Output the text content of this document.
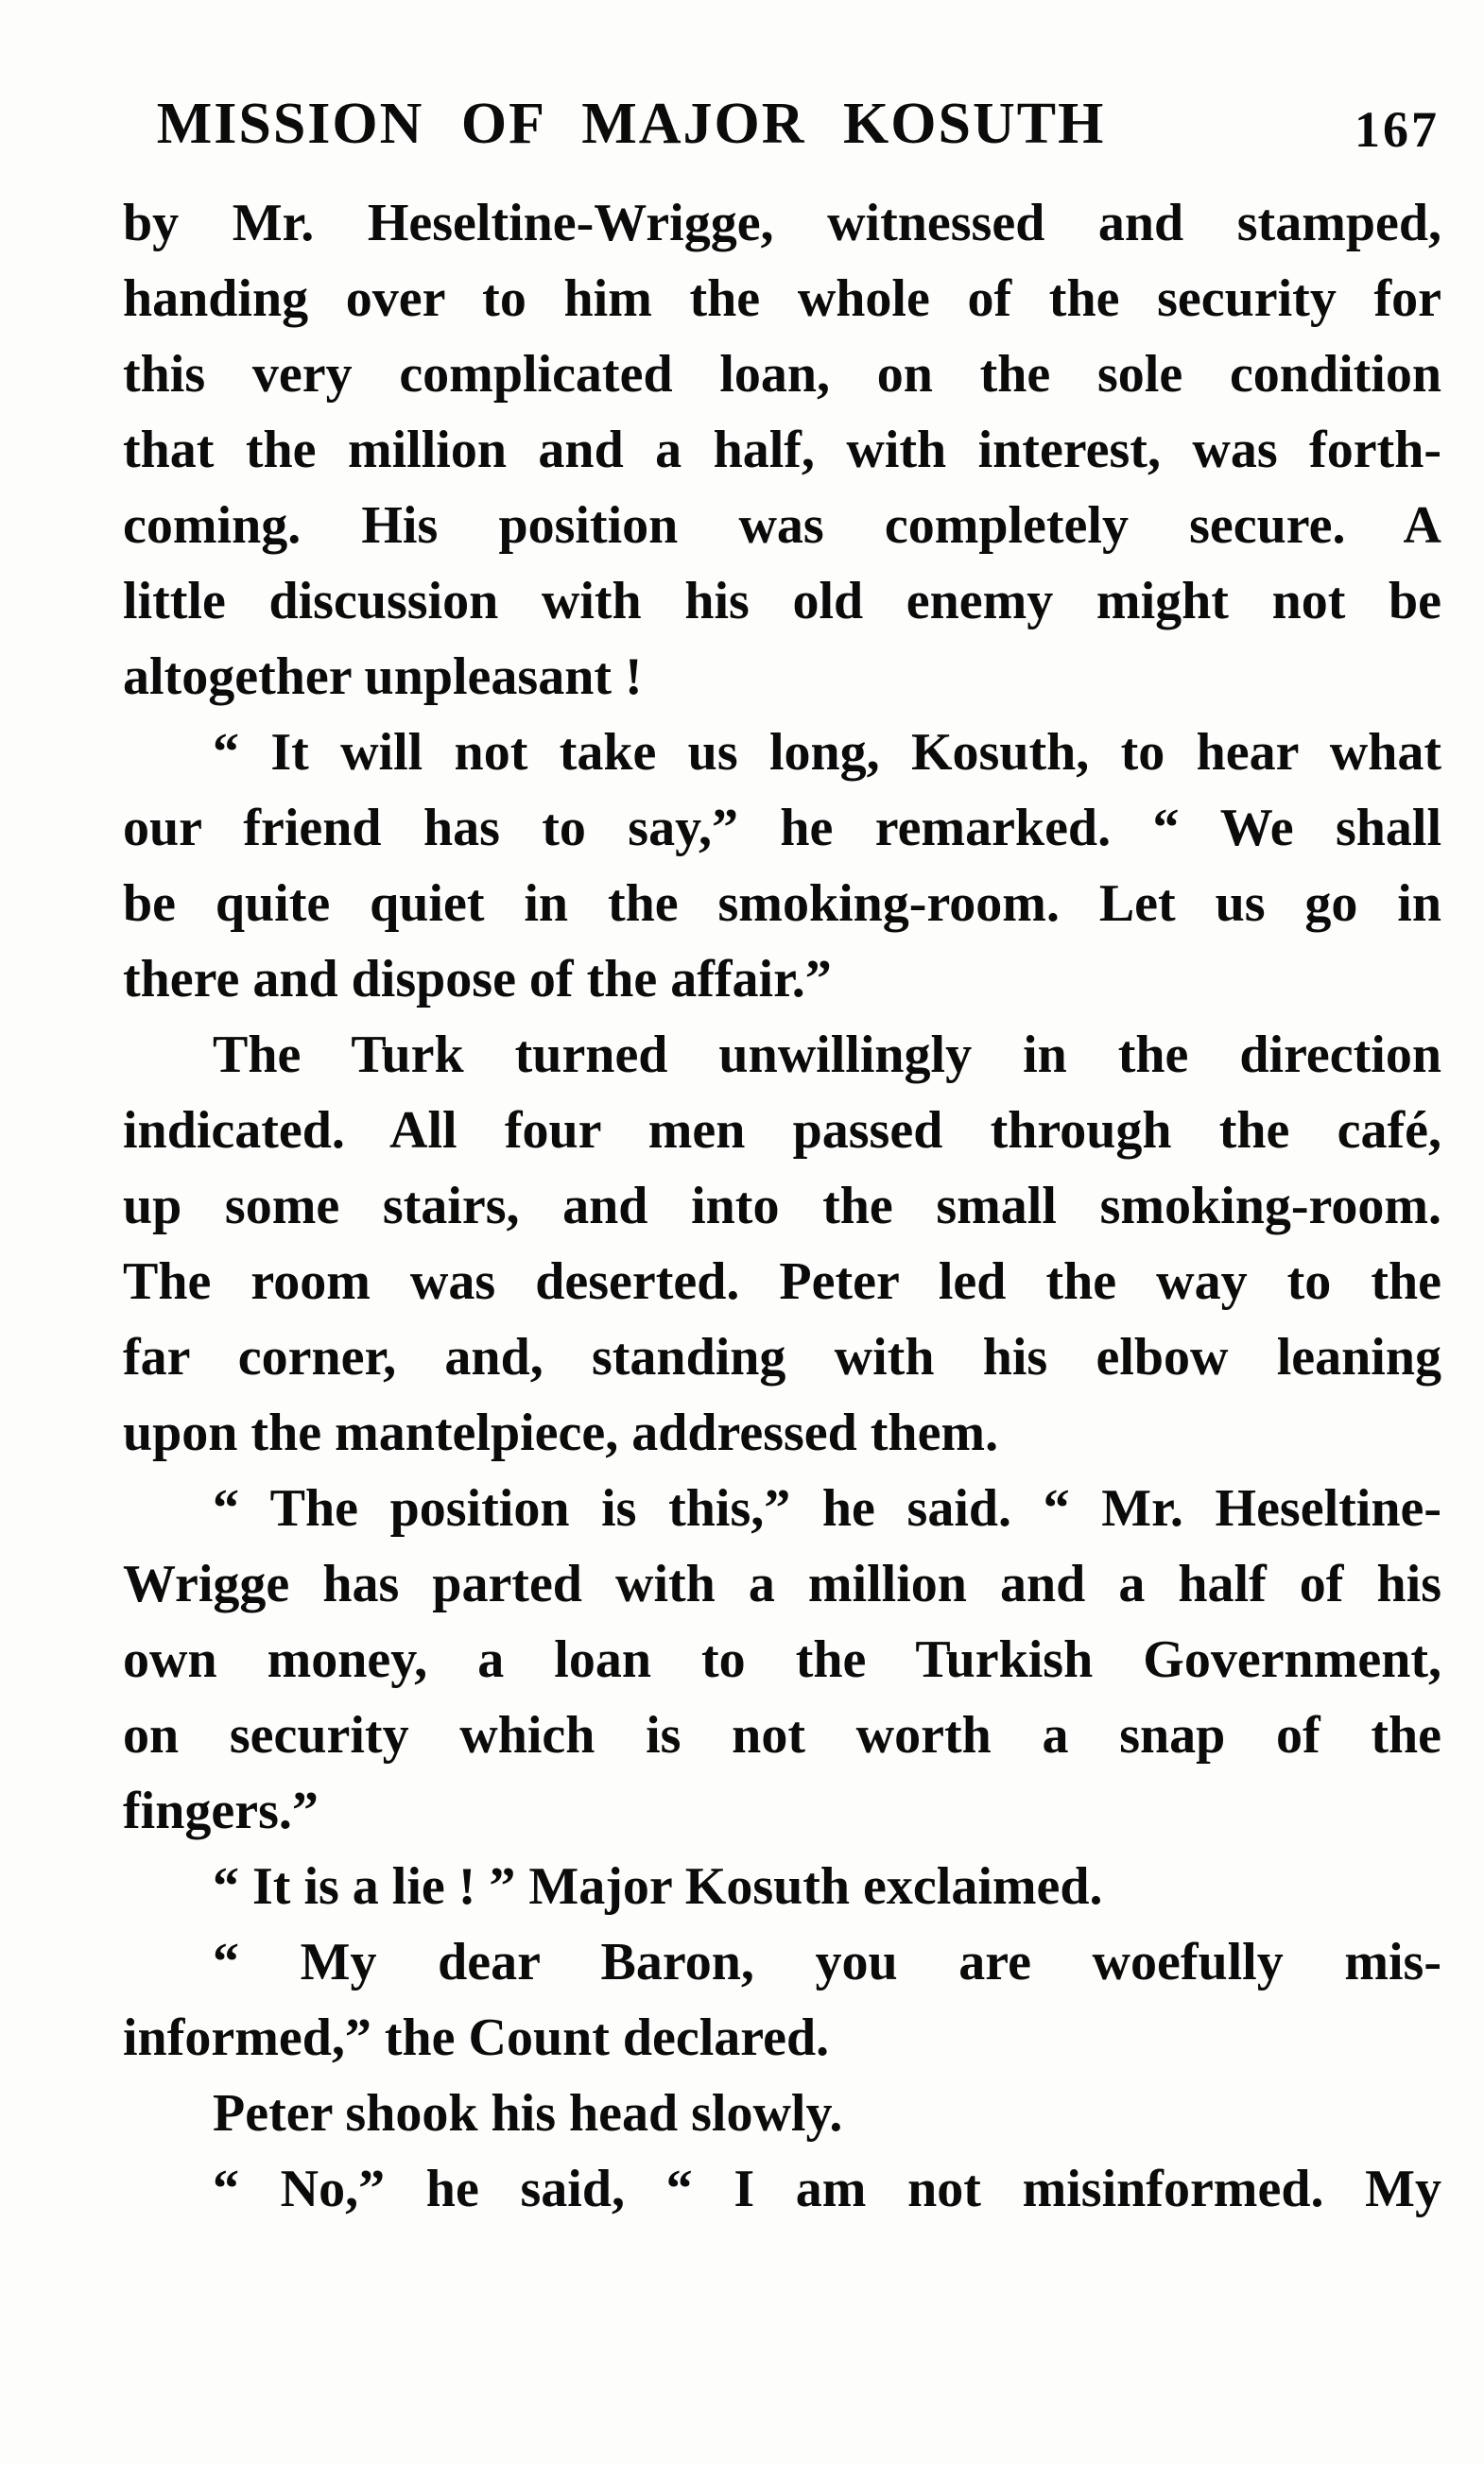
MISSION OF MAJOR KOSUTH	167
by Mr. Heseltine-Wrigge, witnessed and stamped,
handing over to him the whole of the security for
this very complicated loan, on the sole condition
that the million and a half, with interest, was forth-
coming. His position was completely secure. A
little discussion with his old enemy might not be
altogether unpleasant !
“ It will not take us long, Kosuth, to hear what
our friend has to say,” he remarked. “ We shall
be quite quiet in the smoking-room. Let us go in
there and dispose of the affair.”
The Turk turned unwillingly in the direction
indicated. All four men passed through the café,
up some stairs, and into the small smoking-room.
The room was deserted. Peter led the way to the
far corner, and, standing with his elbow leaning
upon the mantelpiece, addressed them.
“ The position is this,” he said. “ Mr. Heseltine-
Wrigge has parted with a million and a half of his
own money, a loan to the Turkish Government,
on security which is not worth a snap of the
fingers.”
“ It is a lie ! ” Major Kosuth exclaimed.
“ My dear Baron, you are woefully mis-
informed,” the Count declared.
Peter shook his head slowly.
“ No,” he said, “ I am not misinformed. My
